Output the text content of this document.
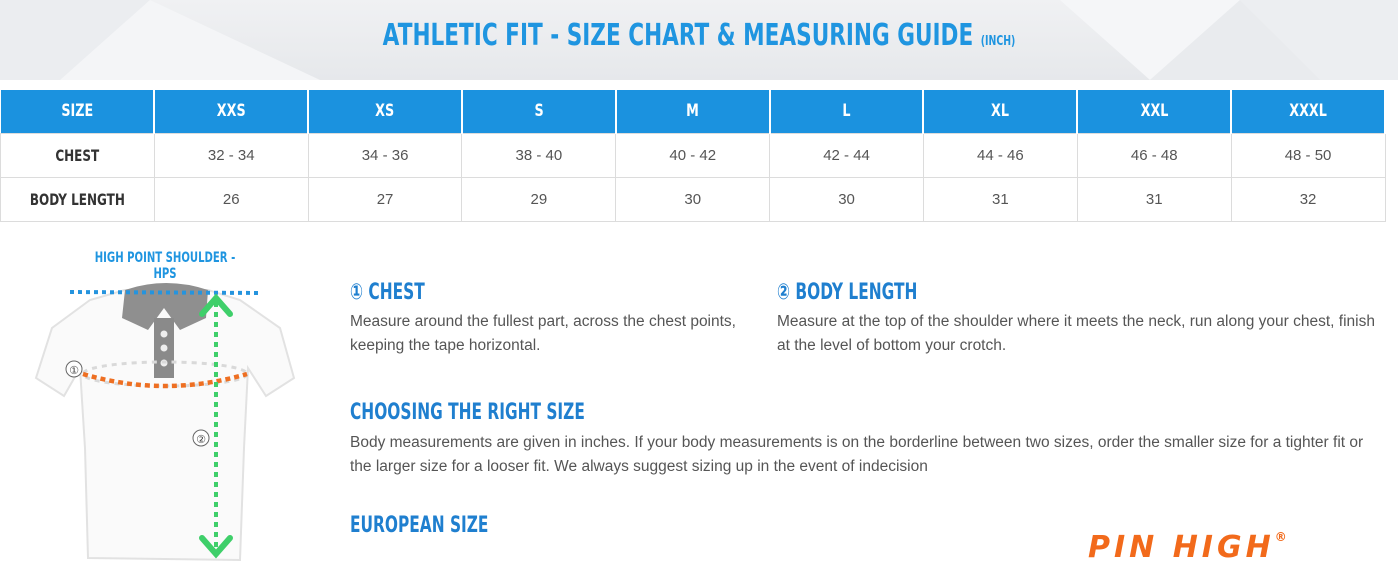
ATHLETIC FIT - SIZE CHART & MEASURING GUIDE (INCH)
SIZE	XXS	XS	S	M	L	XL	XXL	XXXL
CHEST	32 - 34	34 - 36	38 - 40	40 - 42	42 - 44	44 - 46	46 - 48	48 - 50
BODY LENGTH	26	27	29	30	30	31	31	32
HIGH POINT SHOULDER - HPS
①
②
① CHEST
Measure around the fullest part, across the chest points, keeping the tape horizontal.
② BODY LENGTH
Measure at the top of the shoulder where it meets the neck, run along your chest, finish at the level of bottom your crotch.
CHOOSING THE RIGHT SIZE
Body measurements are given in inches. If your body measurements is on the borderline between two sizes, order the smaller size for a tighter fit or the larger size for a looser fit. We always suggest sizing up in the event of indecision
EUROPEAN SIZE
PIN HIGH®
